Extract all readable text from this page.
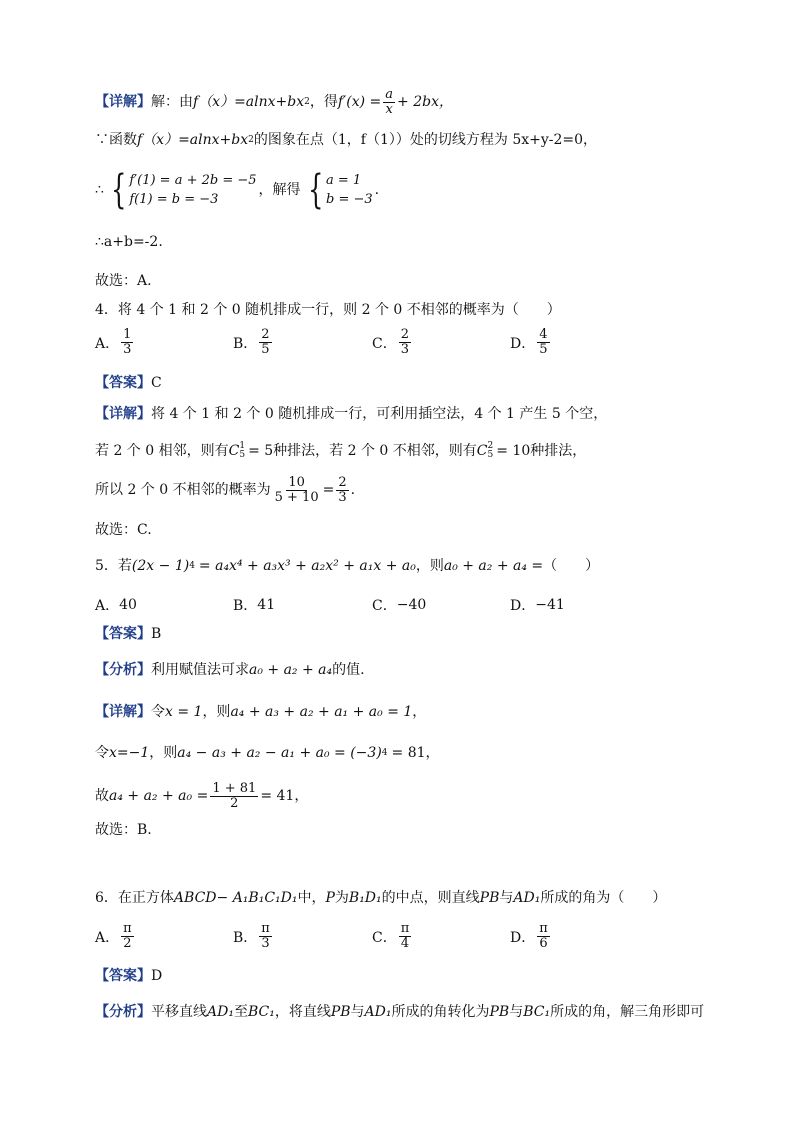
【详解】 解：由 f（x）=alnx+bx 2 ，得 $f'(x) = \frac{a}{x} + 2bx$，
∵函数 f（x）=alnx+bx 2 的图象在点（1，f（1））处的切线方程为 5x+y-2=0，
∴ { f′(1) = a + 2b = −5
f(1) = b = −3
，解得 { a = 1
b = −3
.
∴a+b=-2.
故选：A.
4．将 4 个 1 和 2 个 0 随机排成一行，则 2 个 0 不相邻的概率为（　　）
A． $\frac{1}{3}$	B． $\frac{2}{5}$	C． $\frac{2}{3}$	D． $\frac{4}{5}$
【答案】 C
【详解】 将 4 个 1 和 2 个 0 随机排成一行，可利用插空法，4 个 1 产生 5 个空，
若 2 个 0 相邻，则有 C 1
5 = 5种排法，若 2 个 0 不相邻，则有 C 2
5 = 10种排法，
所以 2 个 0 不相邻的概率为 $\frac{10}{5 + 10} = \frac{2}{3}$ .
故选：C.
5．若 (2x − 1) 4 = a₄x⁴ + a₃x³ + a₂x² + a₁x + a₀ ，则 a₀ + a₂ + a₄ = （　　）
A． 40	B． 41	C． −40	D． −41
【答案】 B
【分析】 利用赋值法可求 a₀ + a₂ + a₄ 的值.
【详解】 令 x = 1 ，则 a₄ + a₃ + a₂ + a₁ + a₀ = 1 ，
令 x=−1 ，则 a₄ − a₃ + a₂ − a₁ + a₀ = (−3) 4 = 81 ，
故 $a_4 + a_2 + a_0 = \frac{1 + 81}{2} = 41$ ，
故选：B.
6．在正方体 ABCD− A₁B₁C₁D₁ 中， P 为 B₁D₁ 的中点，则直线 PB 与 AD₁ 所成的角为（　　）
A． $\frac{\pi}{2}$	B． $\frac{\pi}{3}$	C． $\frac{\pi}{4}$	D． $\frac{\pi}{6}$
【答案】 D
【分析】 平移直线 AD₁ 至 BC₁ ，将直线 PB 与 AD₁ 所成的角转化为 PB 与 BC₁ 所成的角，解三角形即可
